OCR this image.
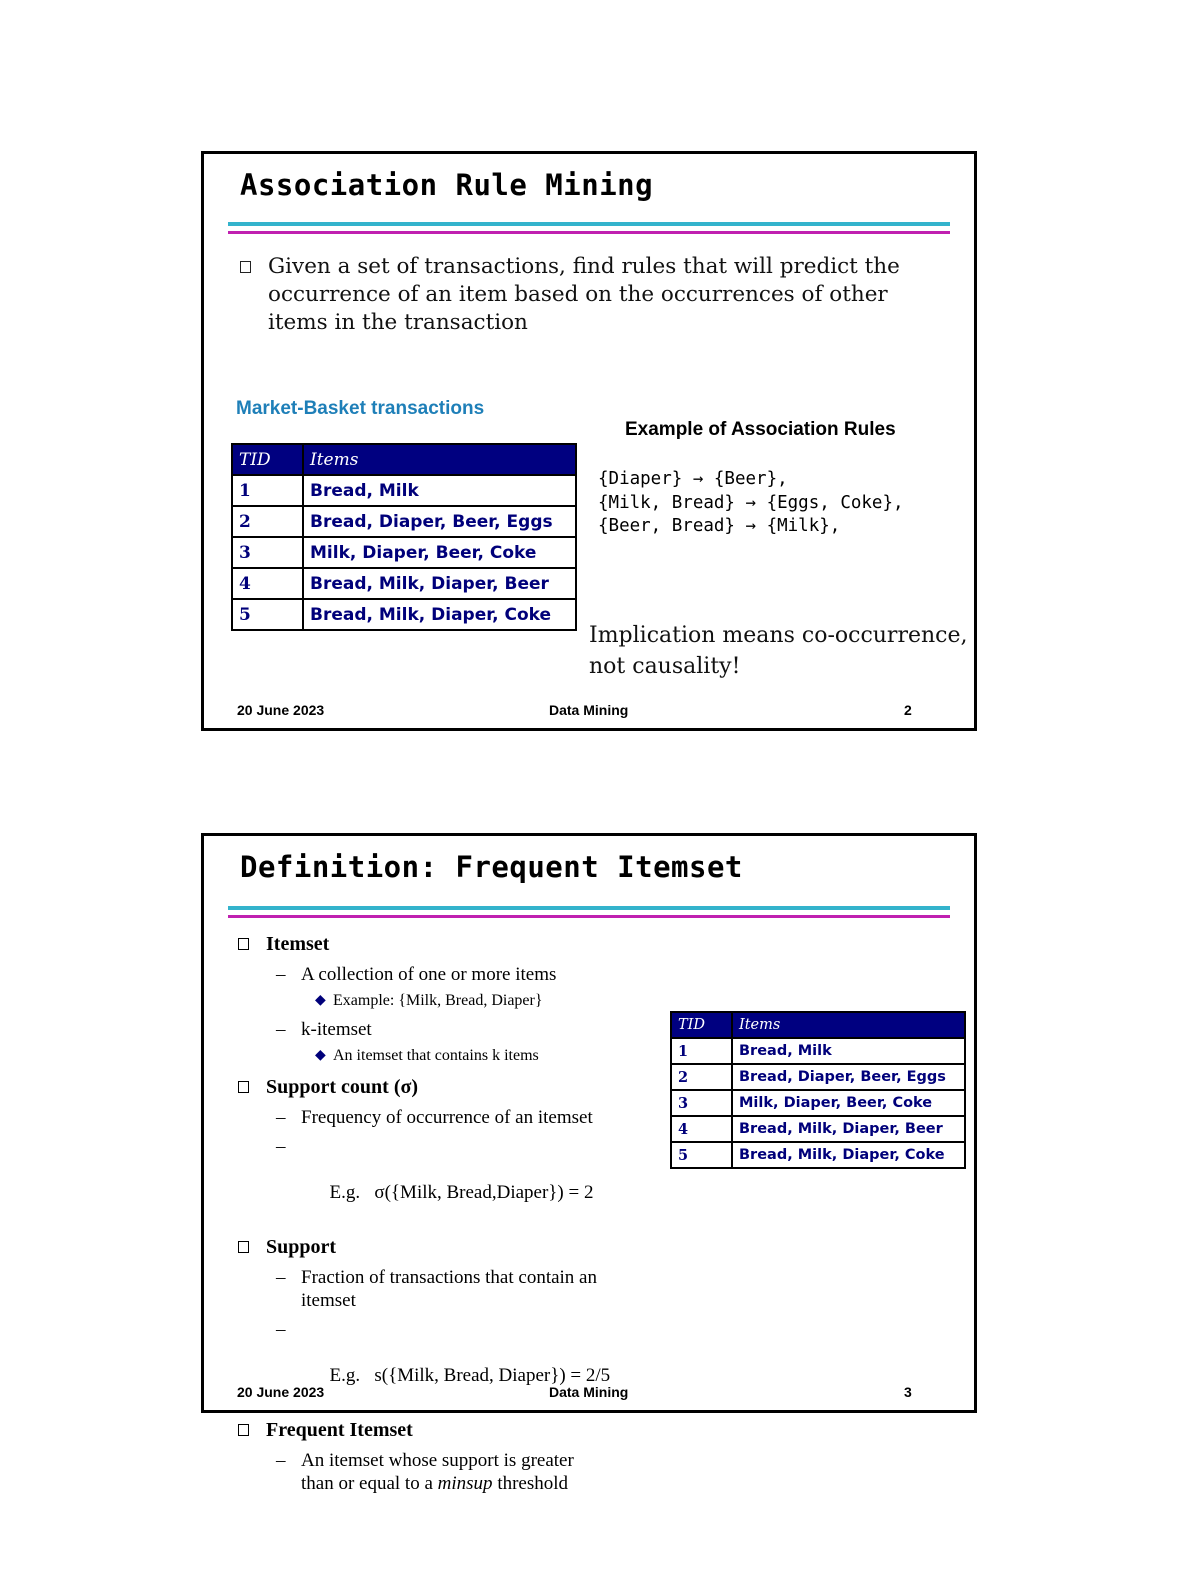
Association Rule Mining
Given a set of transactions, find rules that will predict the occurrence of an item based on the occurrences of other items in the transaction
Market-Basket transactions
TID	Items
1	Bread, Milk
2	Bread, Diaper, Beer, Eggs
3	Milk, Diaper, Beer, Coke
4	Bread, Milk, Diaper, Beer
5	Bread, Milk, Diaper, Coke
Example of Association Rules
{Diaper} → {Beer},
{Milk, Bread} → {Eggs, Coke},
{Beer, Bread} → {Milk},
Implication means co-occurrence,
not causality!
20 June 2023	Data Mining	2
Definition: Frequent Itemset
Itemset
– A collection of one or more items
◆ Example: {Milk, Bread, Diaper}
– k-itemset
◆ An itemset that contains k items
Support count (σ)
– Frequency of occurrence of an itemset

–

E.g.   σ({Milk, Bread,Diaper}) = 2

Support
– Fraction of transactions that contain an itemset

–

E.g.   s({Milk, Bread, Diaper}) = 2/5

Frequent Itemset
– An itemset whose support is greater than or equal to a minsup threshold
TID	Items
1	Bread, Milk
2	Bread, Diaper, Beer, Eggs
3	Milk, Diaper, Beer, Coke
4	Bread, Milk, Diaper, Beer
5	Bread, Milk, Diaper, Coke
20 June 2023	Data Mining	3
